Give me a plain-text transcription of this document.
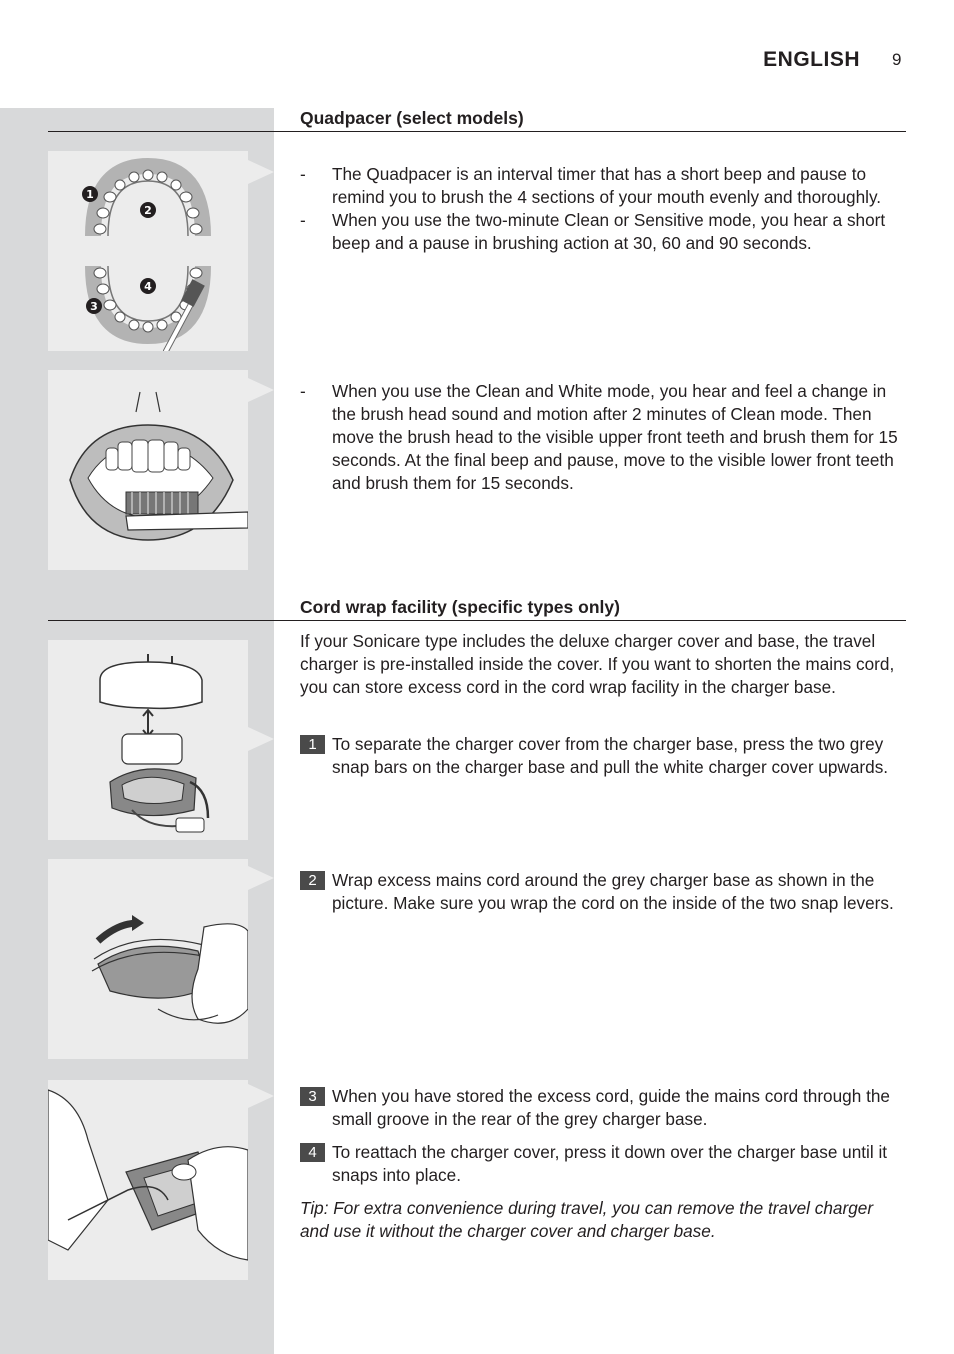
ENGLISH 9
Quadpacer (select models)
1
2
3
4
- The Quadpacer is an interval timer that has a short beep and pause to remind you to brush the 4 sections of your mouth evenly and thoroughly.
- When you use the two-minute Clean or Sensitive mode, you hear a short beep and a pause in brushing action at 30, 60 and 90 seconds.
- When you use the Clean and White mode, you hear and feel a change in the brush head sound and motion after 2 minutes of Clean mode. Then move the brush head to the visible upper front teeth and brush them for 15 seconds. At the final beep and pause, move to the visible lower front teeth and brush them for 15 seconds.
Cord wrap facility (specific types only)
If your Sonicare type includes the deluxe charger cover and base, the travel charger is pre-installed inside the cover. If you want to shorten the mains cord, you can store excess cord in the cord wrap facility in the charger base.
1 To separate the charger cover from the charger base, press the two grey snap bars on the charger base and pull the white charger cover upwards.
2 Wrap excess mains cord around the grey charger base as shown in the picture. Make sure you wrap the cord on the inside of the two snap levers.
3 When you have stored the excess cord, guide the mains cord through the small groove in the rear of the grey charger base.
4 To reattach the charger cover, press it down over the charger base until it snaps into place.
Tip: For extra convenience during travel, you can remove the travel charger and use it without the charger cover and charger base.
